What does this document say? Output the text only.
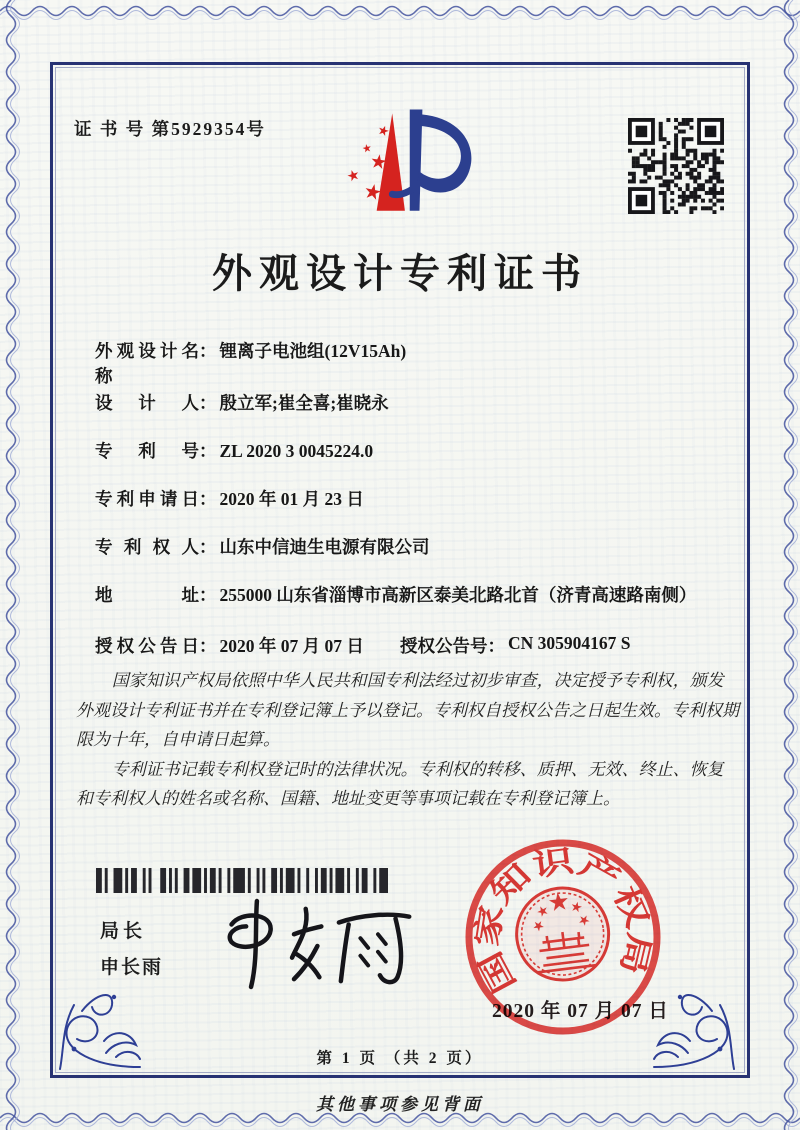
证 书 号 第5929354号
外观设计专利证书
外观设计名称
： 锂离子电池组(12V15Ah)
设计人 ： 殷立军;崔全喜;崔晓永
专利号 ： ZL 2020 3 0045224.0
专利申请日 ： 2020 年 01 月 23 日
专利权人 ： 山东中信迪生电源有限公司
地址 ： 255000 山东省淄博市高新区泰美北路北首（济青高速路南侧）
授权公告日 ： 2020 年 07 月 07 日 授权公告号 ： CN 305904167 S

国家知识产权局依照中华人民共和国专利法经过初步审查，决定授予专利权，颁发外观设计专利证书并在专利登记簿上予以登记。专利权自授权公告之日起生效。专利权期限为十年，自申请日起算。

专利证书记载专利权登记时的法律状况。专利权的转移、质押、无效、终止、恢复和专利权人的姓名或名称、国籍、地址变更等事项记载在专利登记簿上。

局长
申长雨
2020 年 07 月 07 日
国家知识产权局
第 1 页 （共 2 页）
其他事项参见背面
